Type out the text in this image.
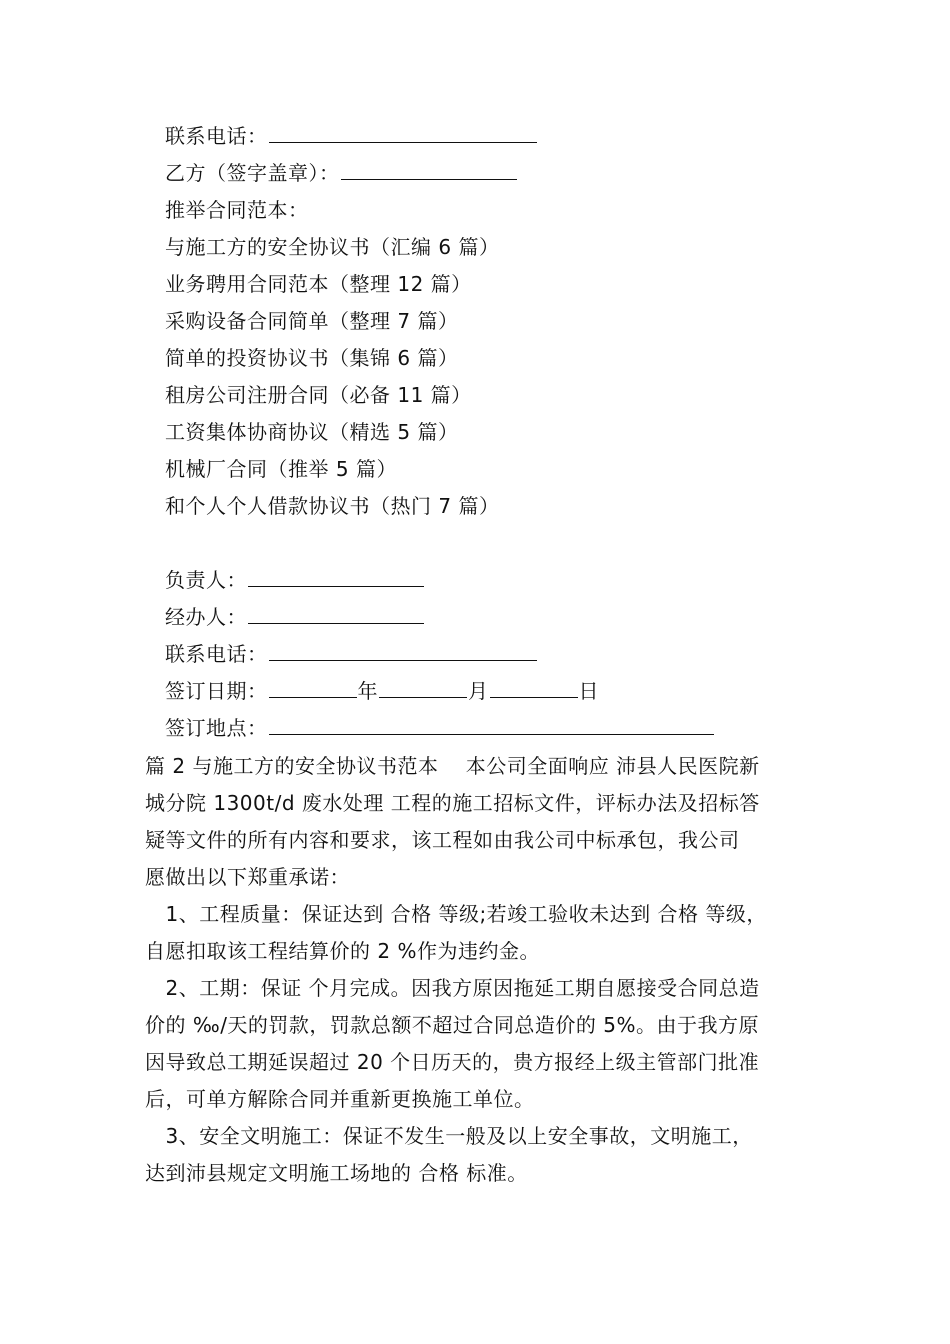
联系电话：
乙方（签字盖章）：
推举合同范本：
与施工方的安全协议书（汇编 6 篇）
业务聘用合同范本（整理 12 篇）
采购设备合同简单（整理 7 篇）
简单的投资协议书（集锦 6 篇）
租房公司注册合同（必备 11 篇）
工资集体协商协议（精选 5 篇）
机械厂合同（推举 5 篇）
和个人个人借款协议书（热门 7 篇）
负责人：
经办人：
联系电话：
签订日期：	年	月	日
签订地点：
篇 2 与施工方的安全协议书范本　 本公司全面响应 沛县人民医院新
城分院 1300t/d 废水处理 工程的施工招标文件，评标办法及招标答
疑等文件的所有内容和要求，该工程如由我公司中标承包，我公司
愿做出以下郑重承诺：
　1、工程质量：保证达到 合格 等级;若竣工验收未达到 合格 等级，
自愿扣取该工程结算价的 2 %作为违约金。
　2、工期：保证 个月完成。因我方原因拖延工期自愿接受合同总造
价的 ‰/天的罚款，罚款总额不超过合同总造价的 5%。由于我方原
因导致总工期延误超过 20 个日历天的，贵方报经上级主管部门批准
后，可单方解除合同并重新更换施工单位。
　3、安全文明施工：保证不发生一般及以上安全事故，文明施工，
达到沛县规定文明施工场地的 合格 标准。
